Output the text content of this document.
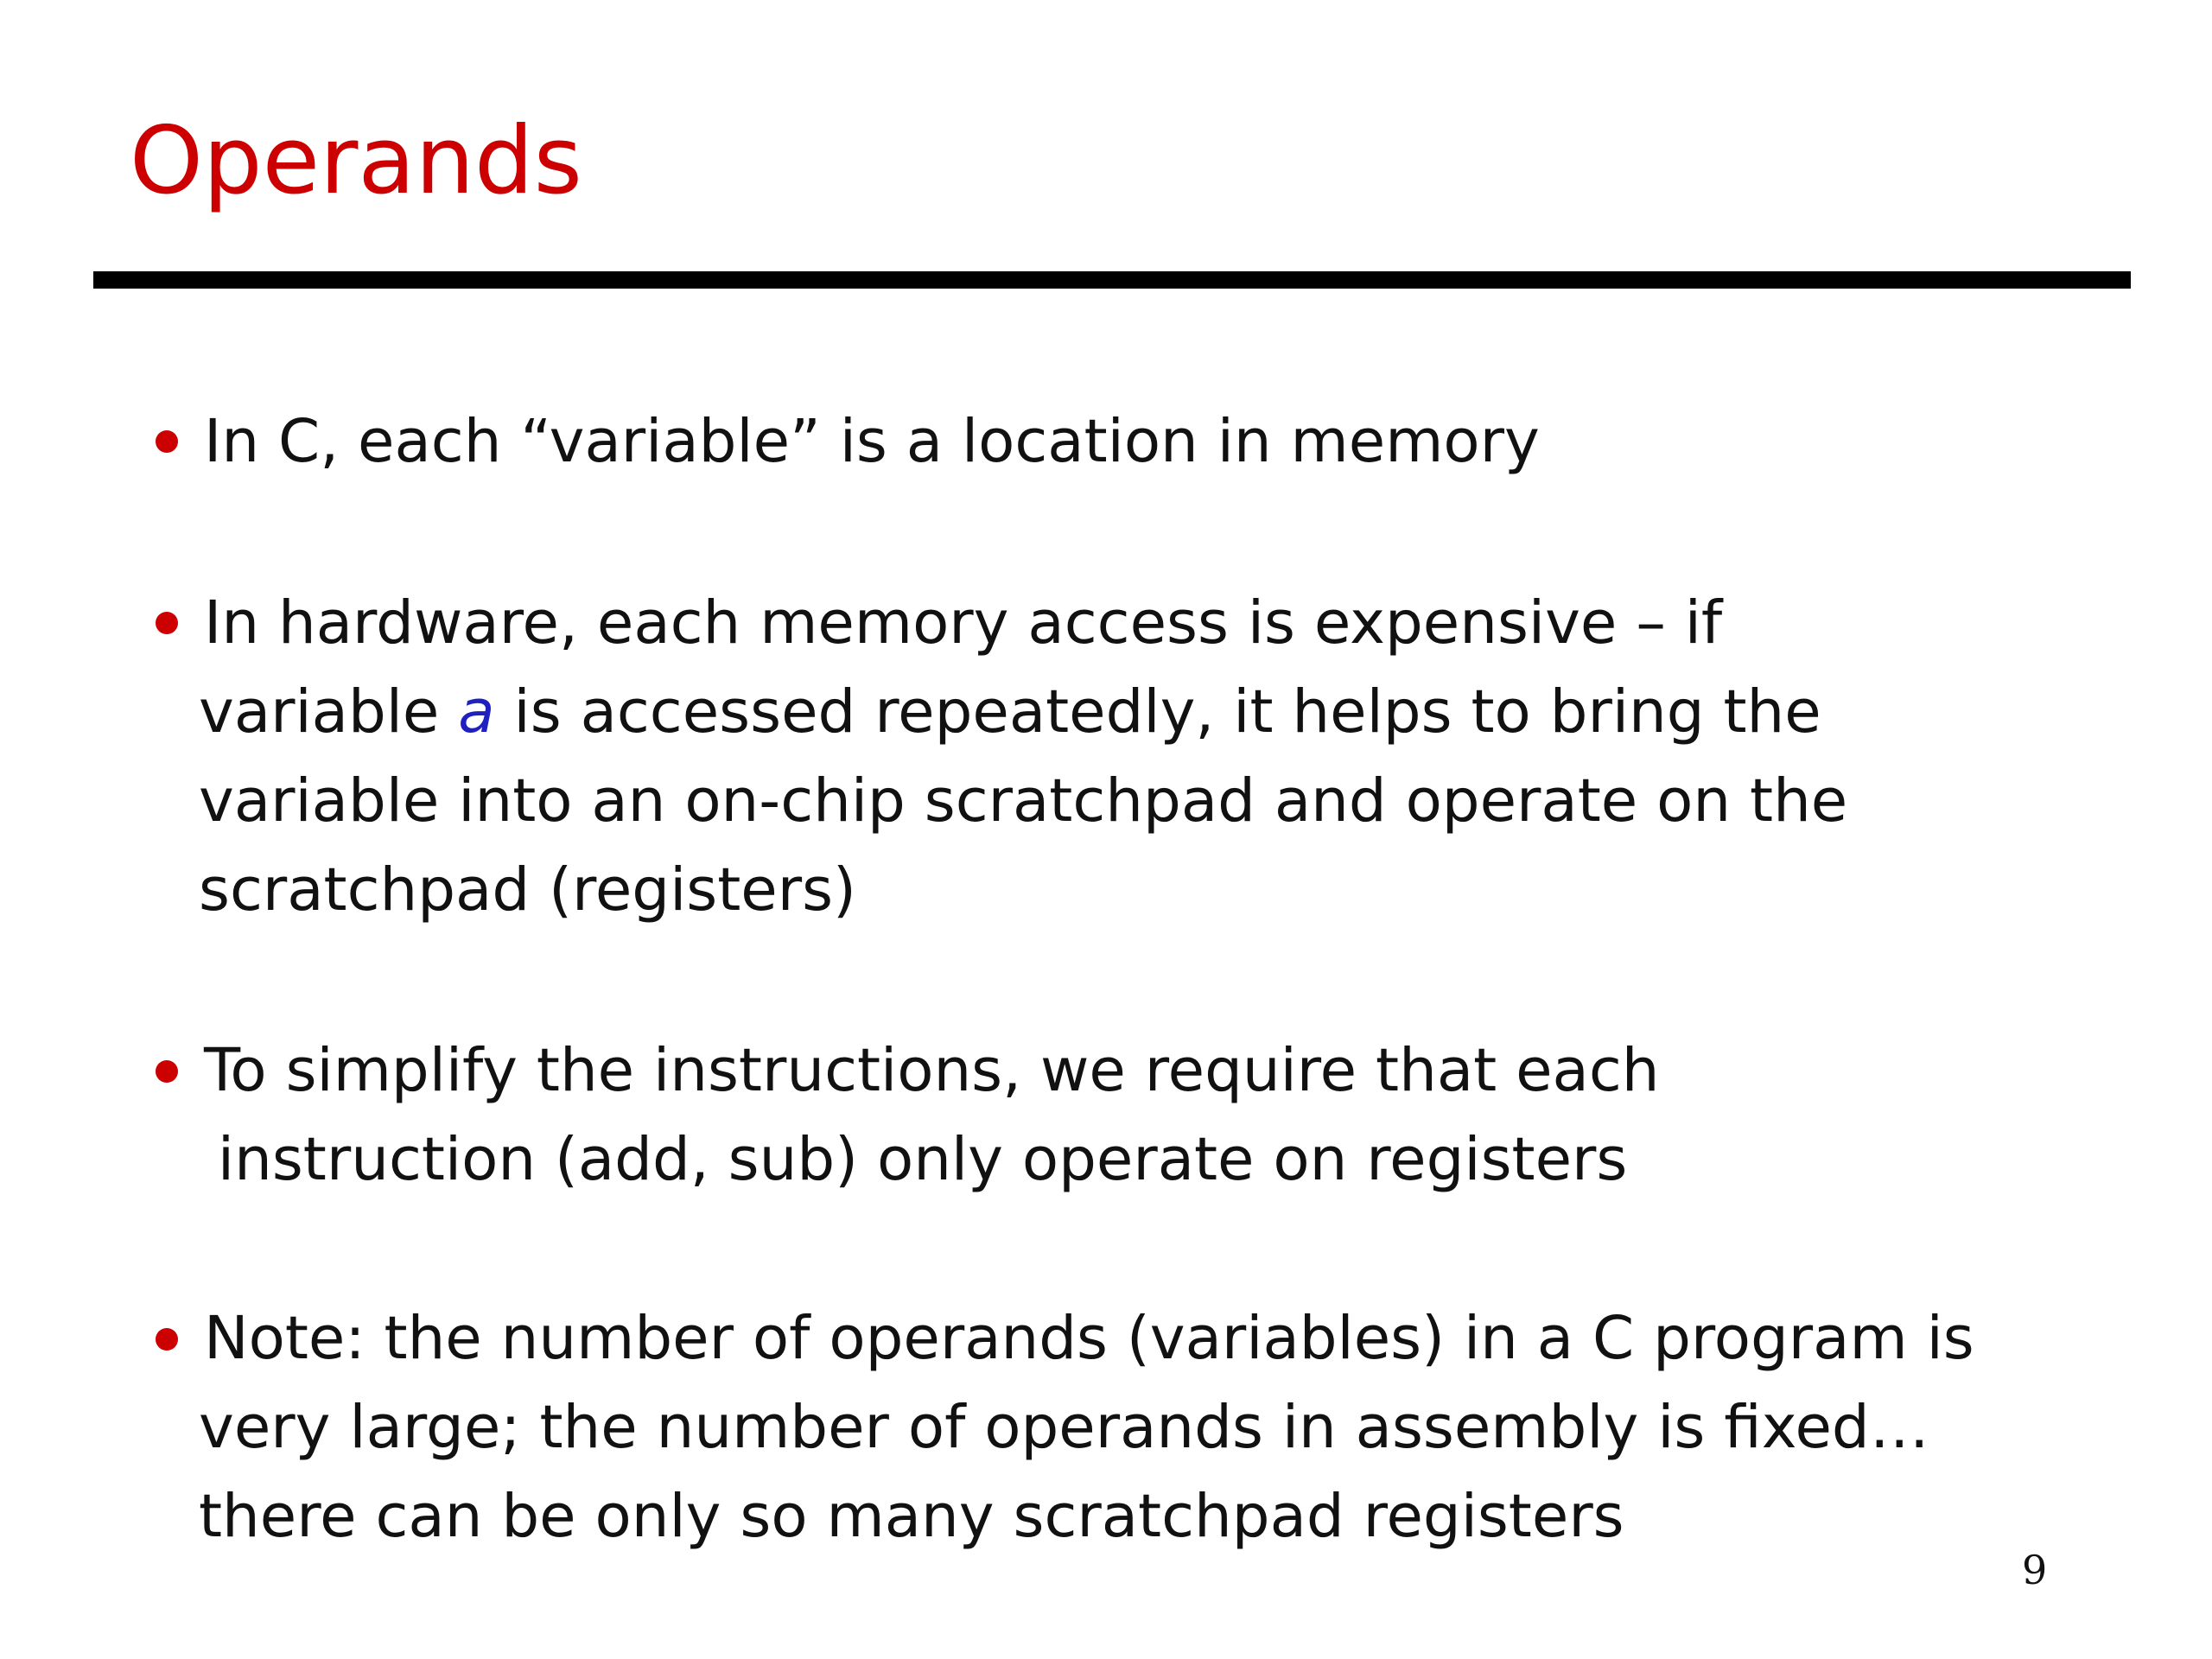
Operands
In C, each “variable” is a location in memory
In hardware, each memory access is expensive – if
variable a is accessed repeatedly, it helps to bring the
variable into an on-chip scratchpad and operate on the
scratchpad (registers)
To simplify the instructions, we require that each
instruction (add, sub) only operate on registers
Note: the number of operands (variables) in a C program is
very large; the number of operands in assembly is fixed…
there can be only so many scratchpad registers
9
